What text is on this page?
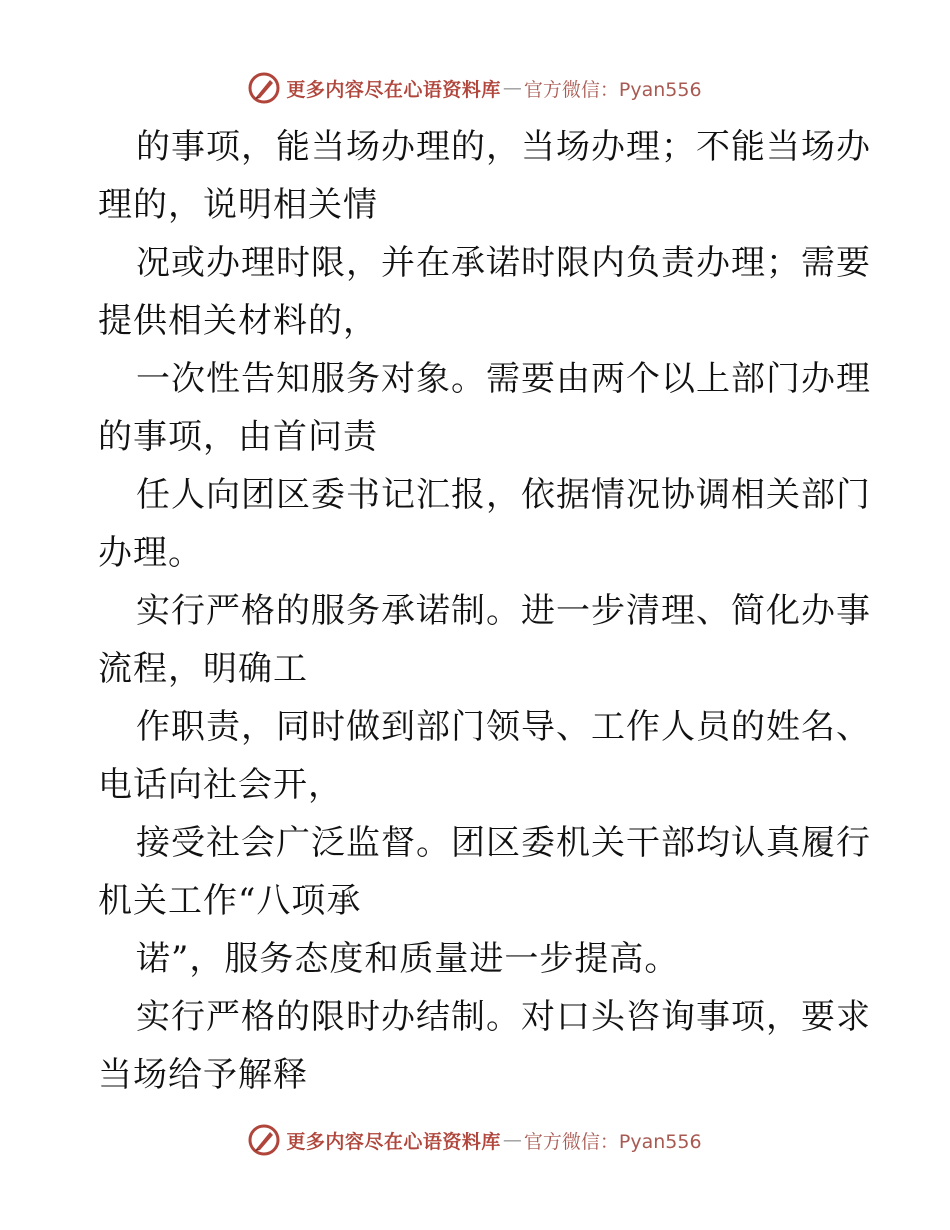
更多内容尽在心语资料库 — 官方微信：Pyan556
的事项，能当场办理的，当场办理；不能当场办
理的，说明相关情
况或办理时限，并在承诺时限内负责办理；需要
提供相关材料的，
一次性告知服务对象。需要由两个以上部门办理
的事项，由首问责
任人向团区委书记汇报，依据情况协调相关部门
办理。
实行严格的服务承诺制。进一步清理、简化办事
流程，明确工
作职责，同时做到部门领导、工作人员的姓名、
电话向社会开，
接受社会广泛监督。团区委机关干部均认真履行
机关工作“八项承
诺”，服务态度和质量进一步提高。
实行严格的限时办结制。对口头咨询事项，要求
当场给予解释
更多内容尽在心语资料库 — 官方微信：Pyan556
